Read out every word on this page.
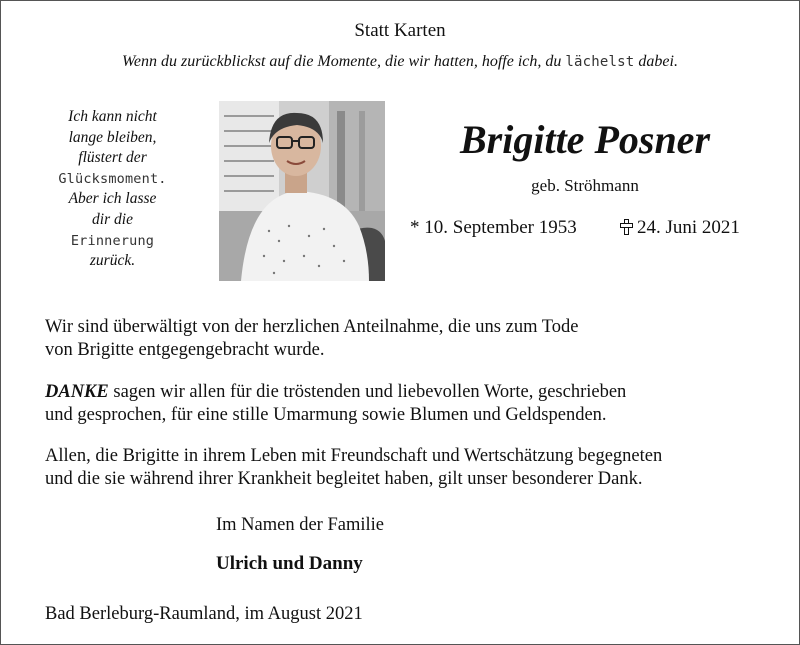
Statt Karten
Wenn du zurückblickst auf die Momente, die wir hatten, hoffe ich, du lächelst dabei.
Ich kann nicht
lange bleiben,
flüstert der
Glücksmoment.
Aber ich lasse
dir die
Erinnerung
zurück.
Brigitte Posner
geb. Ströhmann
* 10. September 1953	24. Juni 2021
Wir sind überwältigt von der herzlichen Anteilnahme, die uns zum Tode
von Brigitte entgegengebracht wurde.
DANKE sagen wir allen für die tröstenden und liebevollen Worte, geschrieben
und gesprochen, für eine stille Umarmung sowie Blumen und Geldspenden.
Allen, die Brigitte in ihrem Leben mit Freundschaft und Wertschätzung begegneten
und die sie während ihrer Krankheit begleitet haben, gilt unser besonderer Dank.
Im Namen der Familie
Ulrich und Danny
Bad Berleburg-Raumland, im August 2021
